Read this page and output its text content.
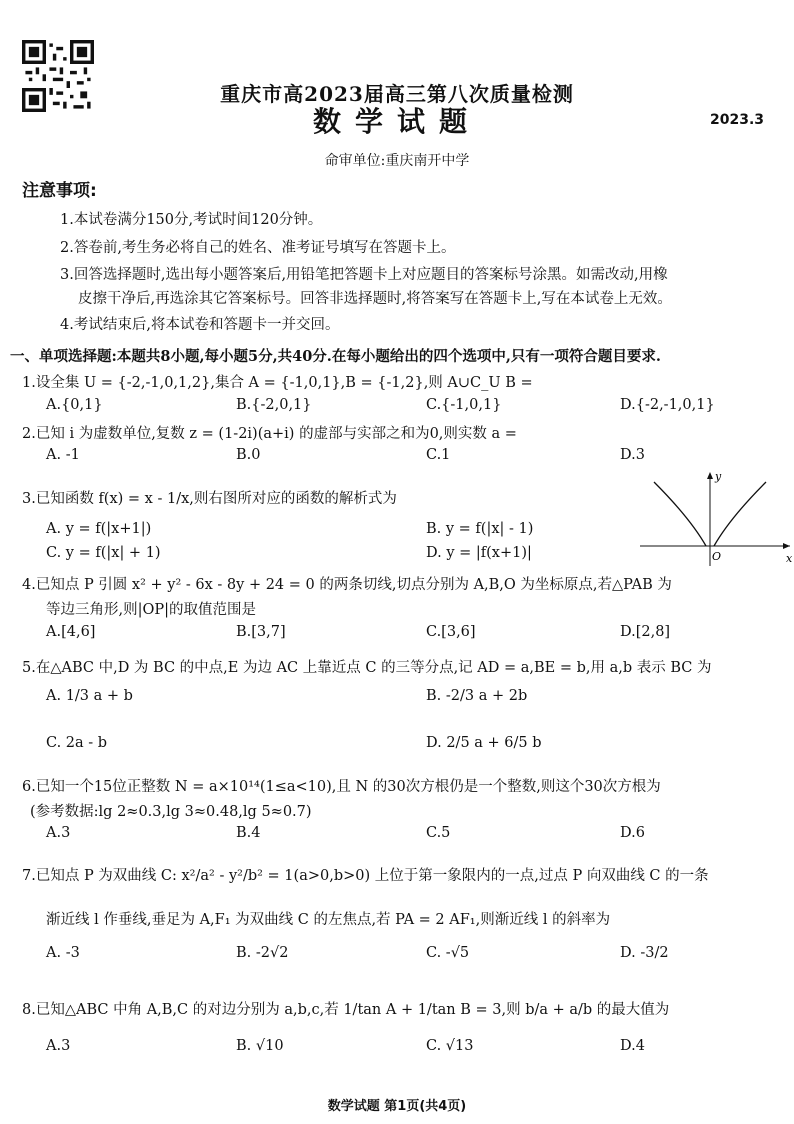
重庆市高2023届高三第八次质量检测
数学试题	2023.3
命审单位:重庆南开中学
注意事项:
1.本试卷满分150分,考试时间120分钟。
2.答卷前,考生务必将自己的姓名、准考证号填写在答题卡上。
3.回答选择题时,选出每小题答案后,用铅笔把答题卡上对应题目的答案标号涂黑。如需改动,用橡
皮擦干净后,再选涂其它答案标号。回答非选择题时,将答案写在答题卡上,写在本试卷上无效。
4.考试结束后,将本试卷和答题卡一并交回。
一、单项选择题:本题共8小题,每小题5分,共40分.在每小题给出的四个选项中,只有一项符合题目要求.
1.设全集 U = {-2,-1,0,1,2},集合 A = {-1,0,1},B = {-1,2},则 A∪C_U B =
A.{0,1}	B.{-2,0,1}	C.{-1,0,1}	D.{-2,-1,0,1}
2.已知 i 为虚数单位,复数 z = (1-2i)(a+i) 的虚部与实部之和为0,则实数 a =
A. -1	B.0	C.1	D.3
3.已知函数 f(x) = x - 1/x,则右图所对应的函数的解析式为
A. y = f(|x+1|)	B. y = f(|x| - 1)
C. y = f(|x| + 1)	D. y = |f(x+1)|
y
x
O
4.已知点 P 引圆 x² + y² - 6x - 8y + 24 = 0 的两条切线,切点分别为 A,B,O 为坐标原点,若△PAB 为
等边三角形,则|OP|的取值范围是
A.[4,6]	B.[3,7]	C.[3,6]	D.[2,8]
5.在△ABC 中,D 为 BC 的中点,E 为边 AC 上靠近点 C 的三等分点,记 AD = a,BE = b,用 a,b 表示 BC 为
A. 1/3 a + b	B. -2/3 a + 2b
C. 2a - b	D. 2/5 a + 6/5 b
6.已知一个15位正整数 N = a×10¹⁴(1≤a<10),且 N 的30次方根仍是一个整数,则这个30次方根为
(参考数据:lg 2≈0.3,lg 3≈0.48,lg 5≈0.7)
A.3	B.4	C.5	D.6
7.已知点 P 为双曲线 C: x²/a² - y²/b² = 1(a>0,b>0) 上位于第一象限内的一点,过点 P 向双曲线 C 的一条
渐近线 l 作垂线,垂足为 A,F₁ 为双曲线 C 的左焦点,若 PA = 2 AF₁,则渐近线 l 的斜率为
A. -3	B. -2√2	C. -√5	D. -3/2
8.已知△ABC 中角 A,B,C 的对边分别为 a,b,c,若 1/tan A + 1/tan B = 3,则 b/a + a/b 的最大值为
A.3	B. √10	C. √13	D.4
数学试题 第1页(共4页)
